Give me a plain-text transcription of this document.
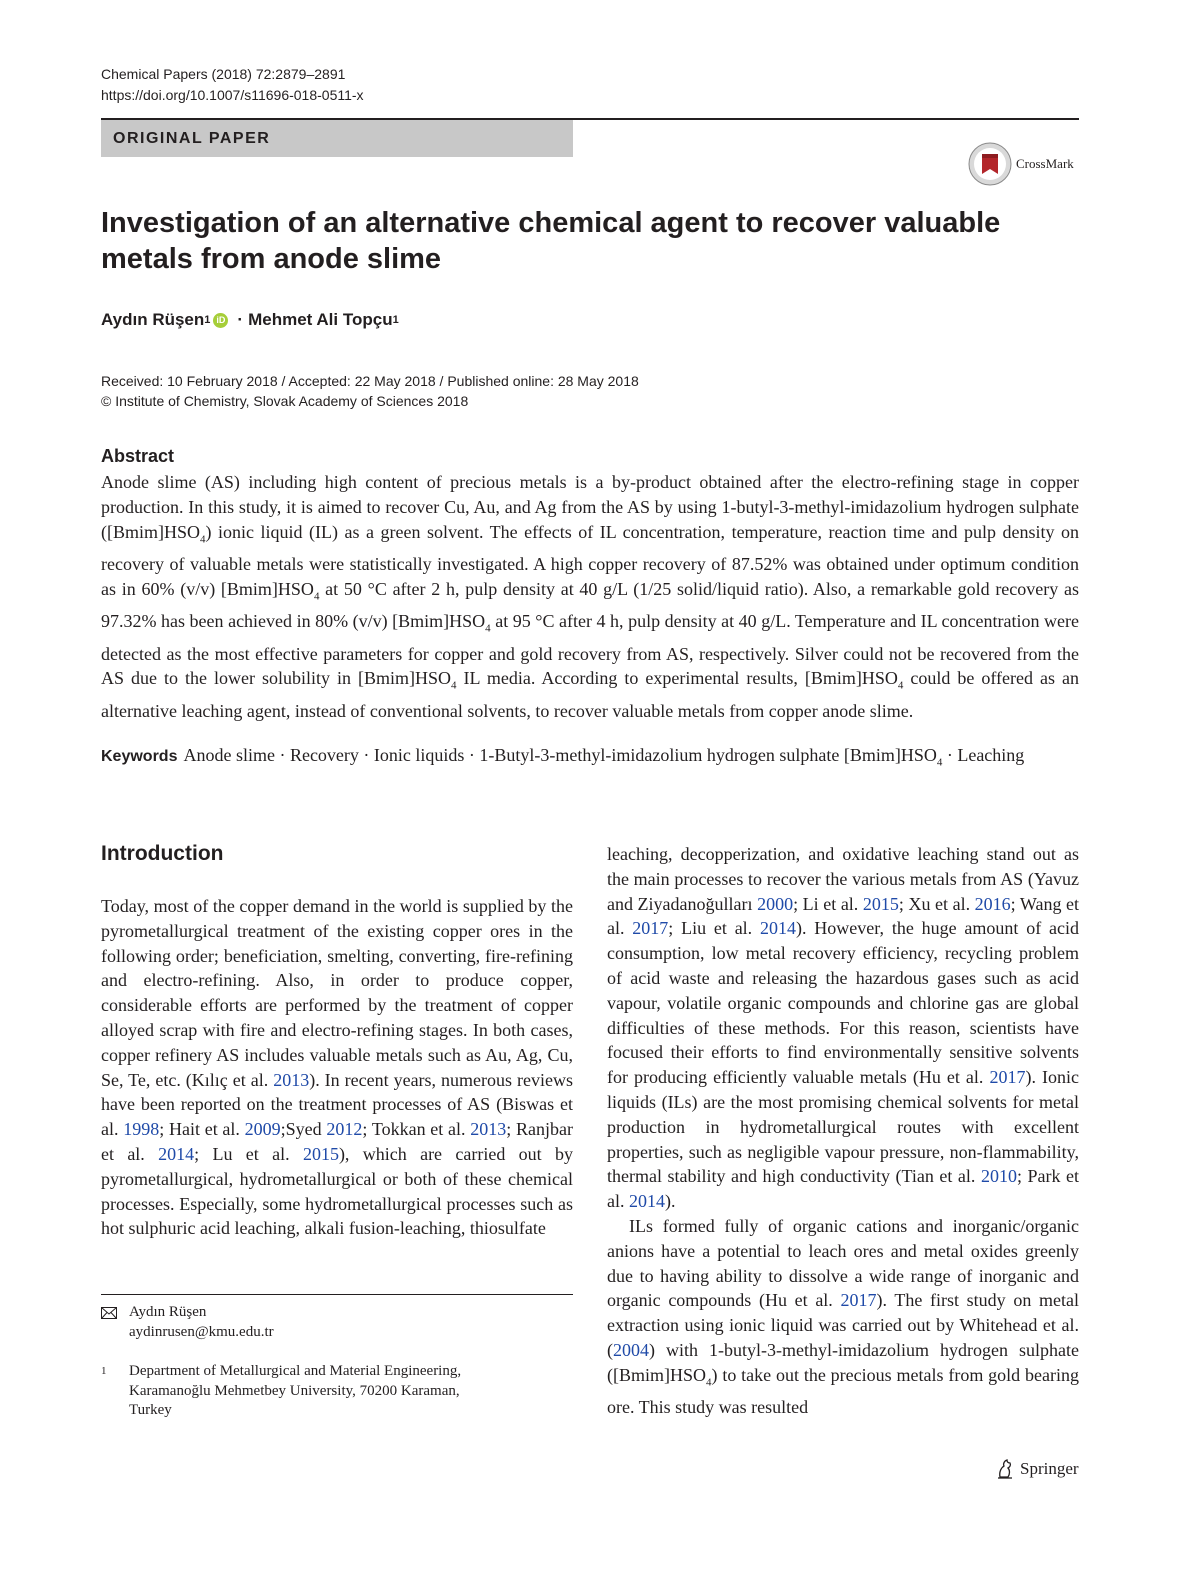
Chemical Papers (2018) 72:2879–2891
https://doi.org/10.1007/s11696-018-0511-x
ORIGINAL PAPER
CrossMark
Investigation of an alternative chemical agent to recover valuable metals from anode slime
Aydın Rüşen 1 iD · Mehmet Ali Topçu 1
Received: 10 February 2018 / Accepted: 22 May 2018 / Published online: 28 May 2018
© Institute of Chemistry, Slovak Academy of Sciences 2018
Abstract
Anode slime (AS) including high content of precious metals is a by-product obtained after the electro-refining stage in copper production. In this study, it is aimed to recover Cu, Au, and Ag from the AS by using 1-butyl-3-methyl-imidazolium hydrogen sulphate $([Bmim]HSO_4)$ ionic liquid (IL) as a green solvent. The effects of IL concentration, temperature, reaction time and pulp density on recovery of valuable metals were statistically investigated. A high copper recovery of 87.52% was obtained under optimum condition as in 60% (v/v) $[Bmim]HSO_4$ at 50 °C after 2 h, pulp density at 40 g/L (1/25 solid/liquid ratio). Also, a remarkable gold recovery as 97.32% has been achieved in 80% (v/v) $[Bmim]HSO_4$ at 95 °C after 4 h, pulp density at 40 g/L. Temperature and IL concentration were detected as the most effective parameters for copper and gold recovery from AS, respectively. Silver could not be recovered from the AS due to the lower solubility in $[Bmim]HSO_4$ IL media. According to experimental results, $[Bmim]HSO_4$ could be offered as an alternative leaching agent, instead of conventional solvents, to recover valuable metals from copper anode slime.
Keywords Anode slime · Recovery · Ionic liquids · 1-Butyl-3-methyl-imidazolium hydrogen sulphate $[Bmim]HSO_4$ · Leaching
Introduction

Today, most of the copper demand in the world is supplied by the pyrometallurgical treatment of the existing copper ores in the following order; beneficiation, smelting, converting, fire-refining and electro-refining. Also, in order to produce copper, considerable efforts are performed by the treatment of copper alloyed scrap with fire and electro-refining stages. In both cases, copper refinery AS includes valuable metals such as Au, Ag, Cu, Se, Te, etc. (Kılıç et al. 2013). In recent years, numerous reviews have been reported on the treatment processes of AS (Biswas et al. 1998; Hait et al. 2009;Syed 2012; Tokkan et al. 2013; Ranjbar et al. 2014; Lu et al. 2015), which are carried out by pyrometallurgical, hydrometallurgical or both of these chemical processes. Especially, some hydrometallurgical processes such as hot sulphuric acid leaching, alkali fusion-leaching, thiosulfate

leaching, decopperization, and oxidative leaching stand out as the main processes to recover the various metals from AS (Yavuz and Ziyadanoğulları 2000; Li et al. 2015; Xu et al. 2016; Wang et al. 2017; Liu et al. 2014). However, the huge amount of acid consumption, low metal recovery efficiency, recycling problem of acid waste and releasing the hazardous gases such as acid vapour, volatile organic compounds and chlorine gas are global difficulties of these methods. For this reason, scientists have focused their efforts to find environmentally sensitive solvents for producing efficiently valuable metals (Hu et al. 2017). Ionic liquids (ILs) are the most promising chemical solvents for metal production in hydrometallurgical routes with excellent properties, such as negligible vapour pressure, non-flammability, thermal stability and high conductivity (Tian et al. 2010; Park et al. 2014).

ILs formed fully of organic cations and inorganic/organic anions have a potential to leach ores and metal oxides greenly due to having ability to dissolve a wide range of inorganic and organic compounds (Hu et al. 2017). The first study on metal extraction using ionic liquid was carried out by Whitehead et al. (2004) with 1-butyl-3-methyl-imidazolium hydrogen sulphate $([Bmim]HSO_4)$ to take out the precious metals from gold bearing ore. This study was resulted

Aydın Rüşen
aydinrusen@kmu.edu.tr
1 Department of Metallurgical and Material Engineering,
Karamanoğlu Mehmetbey University, 70200 Karaman,
Turkey
Springer
